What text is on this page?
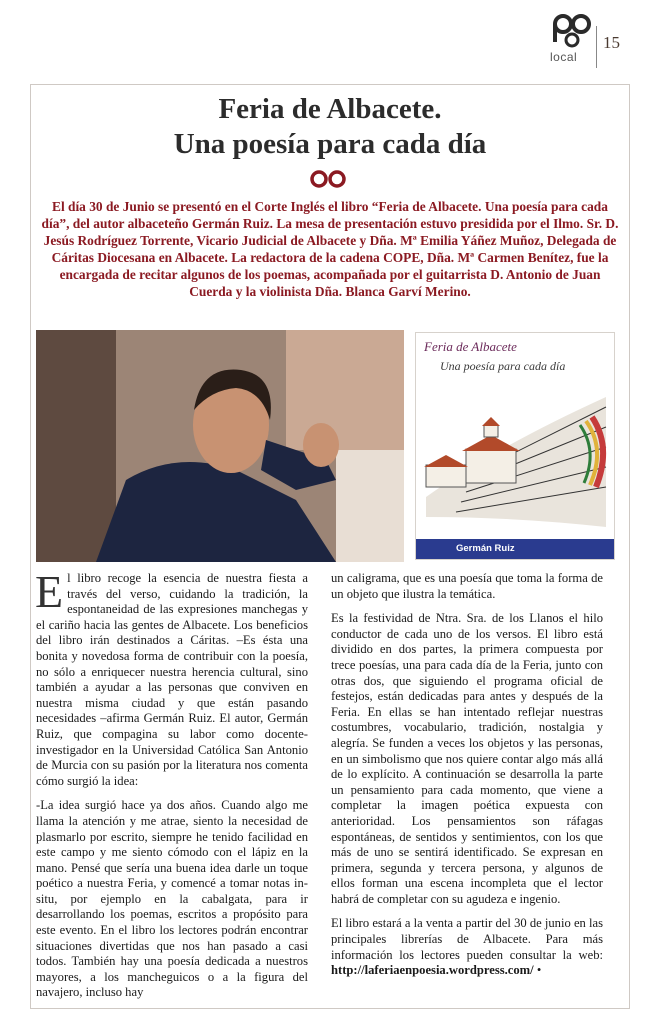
local
15
Feria de Albacete.
Una poesía para cada día

El día 30 de Junio se presentó en el Corte Inglés el libro “Feria de Albacete. Una poesía para cada día”, del autor albaceteño Germán Ruiz. La mesa de presentación estuvo presidida por el Ilmo. Sr. D. Jesús Rodríguez Torrente, Vicario Judicial de Albacete y Dña. Mª Emilia Yáñez Muñoz, Delegada de Cáritas Diocesana en Albacete. La redactora de la cadena COPE, Dña. Mª Carmen Benítez, fue la encargada de recitar algunos de los poemas, acompañada por el guitarrista D. Antonio de Juan Cuerda y la violinista Dña. Blanca Garví Merino.

Feria de Albacete
Una poesía para cada día
Germán Ruiz

El libro recoge la esencia de nuestra fiesta a través del verso, cuidando la tradición, la espontaneidad de las expresiones manchegas y el cariño hacia las gentes de Albacete. Los beneficios del libro irán destinados a Cáritas. –Es ésta una bonita y novedosa forma de contribuir con la poesía, no sólo a enriquecer nuestra herencia cultural, sino también a ayudar a las personas que conviven en nuestra misma ciudad y que están pasando necesidades –afirma Germán Ruiz. El autor, Germán Ruiz, que compagina su labor como docente-investigador en la Universidad Católica San Antonio de Murcia con su pasión por la literatura nos comenta cómo surgió la idea:

-La idea surgió hace ya dos años. Cuando algo me llama la atención y me atrae, siento la necesidad de plasmarlo por escrito, siempre he tenido facilidad en este campo y me siento cómodo con el lápiz en la mano. Pensé que sería una buena idea darle un toque poético a nuestra Feria, y comencé a tomar notas in-situ, por ejemplo en la cabalgata, para ir desarrollando los poemas, escritos a propósito para este evento. En el libro los lectores podrán encontrar situaciones divertidas que nos han pasado a casi todos. También hay una poesía dedicada a nuestros mayores, a los mancheguicos o a la figura del navajero, incluso hay

un caligrama, que es una poesía que toma la forma de un objeto que ilustra la temática.

Es la festividad de Ntra. Sra. de los Llanos el hilo conductor de cada uno de los versos. El libro está dividido en dos partes, la primera compuesta por trece poesías, una para cada día de la Feria, junto con otras dos, que siguiendo el programa oficial de festejos, están dedicadas para antes y después de la Feria. En ellas se han intentado reflejar nuestras costumbres, vocabulario, tradición, nostalgia y alegría. Se funden a veces los objetos y las personas, en un simbolismo que nos quiere contar algo más allá de lo explícito. A continuación se desarrolla la parte un pensamiento para cada momento, que viene a completar la imagen poética expuesta con anterioridad. Los pensamientos son ráfagas espontáneas, de sentidos y sentimientos, con los que más de uno se sentirá identificado. Se expresan en primera, segunda y tercera persona, y algunos de ellos forman una escena incompleta que el lector habrá de completar con su agudeza e ingenio.

El libro estará a la venta a partir del 30 de junio en las principales librerías de Albacete. Para más información los lectores pueden consultar la web: http://laferiaenpoesia.wordpress.com/ •
